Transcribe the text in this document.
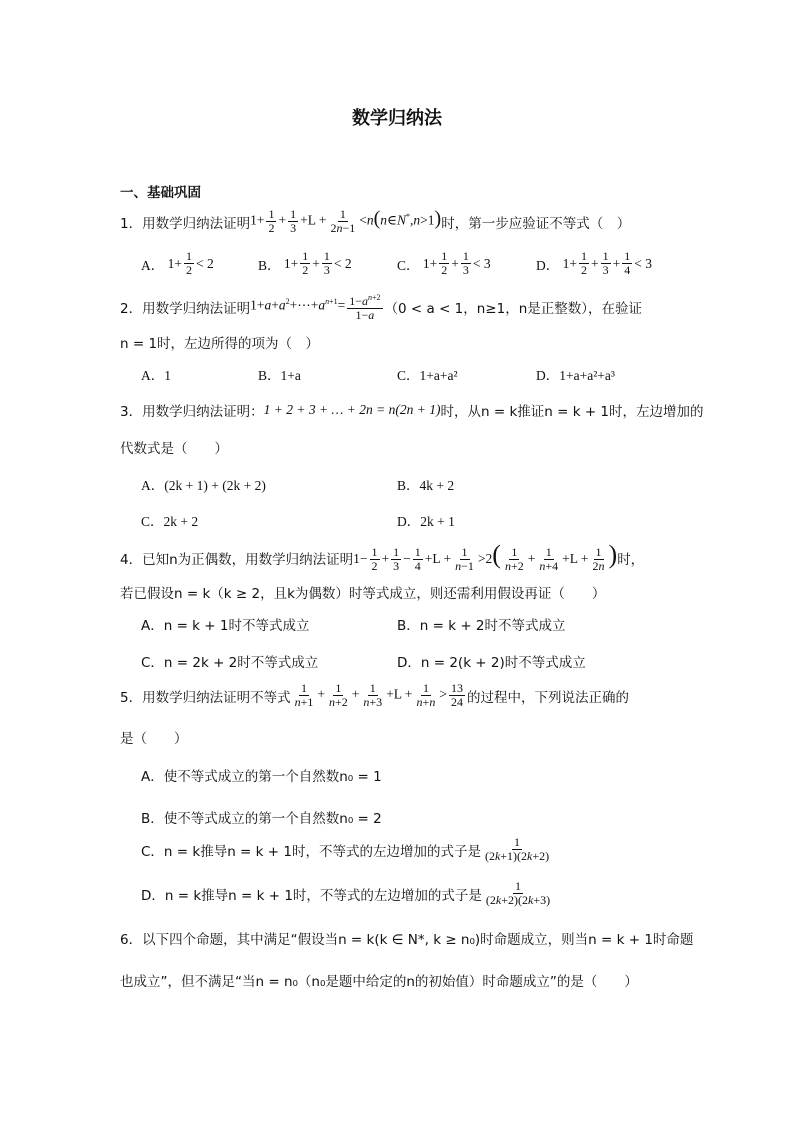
数学归纳法
一、基础巩固
1．用数学归纳法证明 $1+ \frac{1}{2} + \frac{1}{3} +L + \frac{1}{2n-1}$ <n(n∈N*,n>1) 时，第一步应验证不等式（　）
A． 1+ 1
2 < 2	B． 1+ 1
2 + 1
3 < 2	C． 1+ 1
2 + 1
3 < 3	D． 1+ 1
2 + 1
3 + 1
4 < 3
2．用数学归纳法证明 $1+a+a^2+\cdots+a^{n+1}= \frac{1-a^{n+2}}{1-a} (0 < a < 1$，n≥1，n是正整数），在验证
n = 1时，左边所得的项为（　）
A．1	B．1+a	C．1+a+a²	D．1+a+a²+a³
3．用数学归纳法证明： 1 + 2 + 3 + … + 2n = n(2n + 1) 时，从n = k推证n = k + 1时，左边增加的
代数式是（　　）
A．(2k + 1) + (2k + 2)	B．4k + 2
C．2k + 2	D．2k + 1
4．已知n为正偶数，用数学归纳法证明 $1- \frac{1}{2} + \frac{1}{3} - \frac{1}{4} +L + \frac{1}{n-1} >2( \frac{1}{n+2} + \frac{1}{n+4} +L + \frac{1}{2n}$ ) 时，
若已假设n = k（k ≥ 2，且k为偶数）时等式成立，则还需利用假设再证（　　）
A．n = k + 1时不等式成立	B．n = k + 2时不等式成立
C．n = 2k + 2时不等式成立	D．n = 2(k + 2)时不等式成立
5．用数学归纳法证明不等式 $\frac{1}{n+1} + \frac{1}{n+2} + \frac{1}{n+3} +L + \frac{1}{n+n} > \frac{13}{24}$ 的过程中，下列说法正确的
是（　　）
A．使不等式成立的第一个自然数n₀ = 1
B．使不等式成立的第一个自然数n₀ = 2
C．n = k推导n = k + 1时，不等式的左边增加的式子是 $\frac{1}{(2k+1)(2k+2)}$
D．n = k推导n = k + 1时，不等式的左边增加的式子是 $\frac{1}{(2k+2)(2k+3)}$
6．以下四个命题，其中满足“假设当n = k(k ∈ N*, k ≥ n₀)时命题成立，则当n = k + 1时命题
也成立”，但不满足“当n = n₀（n₀是题中给定的n的初始值）时命题成立”的是（　　）
